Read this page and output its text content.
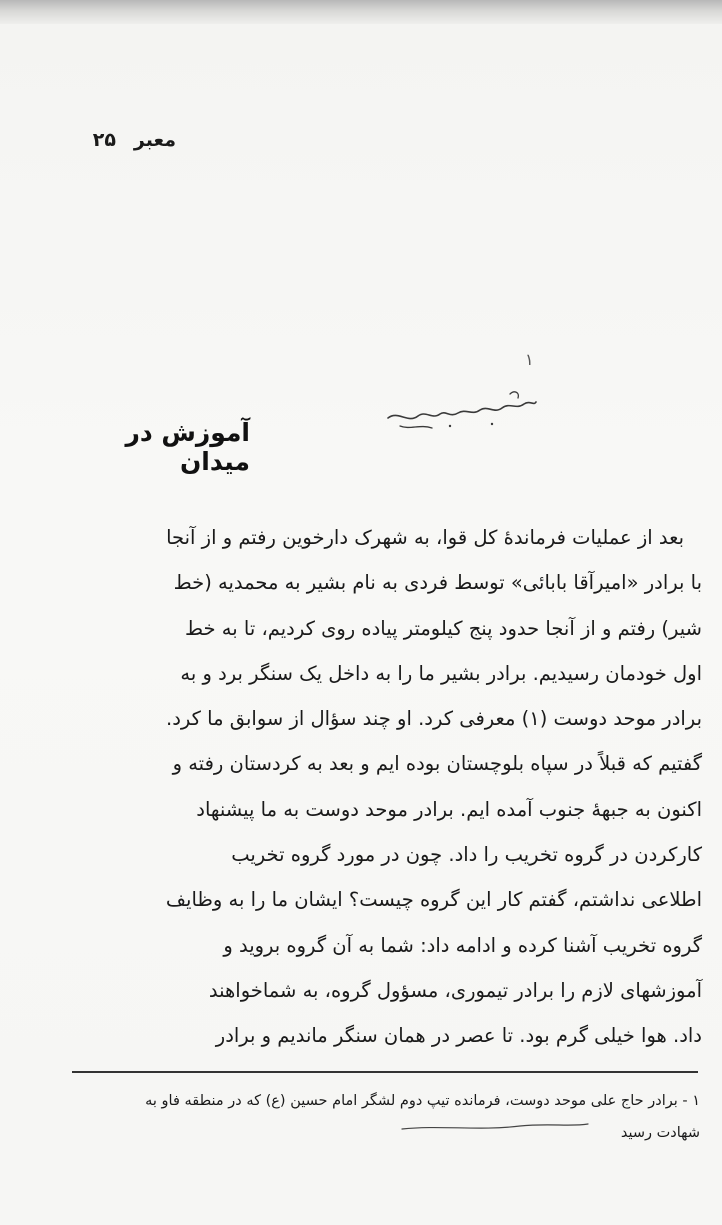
معبر
۲۵
۱
آموزش در میدان
بعد از عملیات فرماندهٔ کل قوا، به شهرک دارخوین رفتم و از آنجا
با برادر «امیرآقا بابائی» توسط فردی به نام بشیر به محمدیه (خط
شیر) رفتم و از آنجا حدود پنج کیلومتر پیاده روی کردیم، تا به خط
اول خودمان رسیدیم. برادر بشیر ما را به داخل یک سنگر برد و به
برادر موحد دوست (۱) معرفی کرد. او چند سؤال از سوابق ما کرد.
گفتیم که قبلاً در سپاه بلوچستان بوده ایم و بعد به کردستان رفته و
اکنون به جبههٔ جنوب آمده ایم. برادر موحد دوست به ما پیشنهاد
کارکردن در گروه تخریب را داد. چون در مورد گروه تخریب
اطلاعی نداشتم، گفتم کار این گروه چیست؟ ایشان ما را به وظایف
گروه تخریب آشنا کرده و ادامه داد: شما به آن گروه بروید و
آموزشهای لازم را برادر تیموری، مسؤول گروه، به شماخواهند
داد. هوا خیلی گرم بود. تا عصر در همان سنگر ماندیم و برادر
۱ - برادر حاج علی موحد دوست، فرمانده تیپ دوم لشگر امام حسین (ع) که در منطقه فاو به
شهادت رسید
